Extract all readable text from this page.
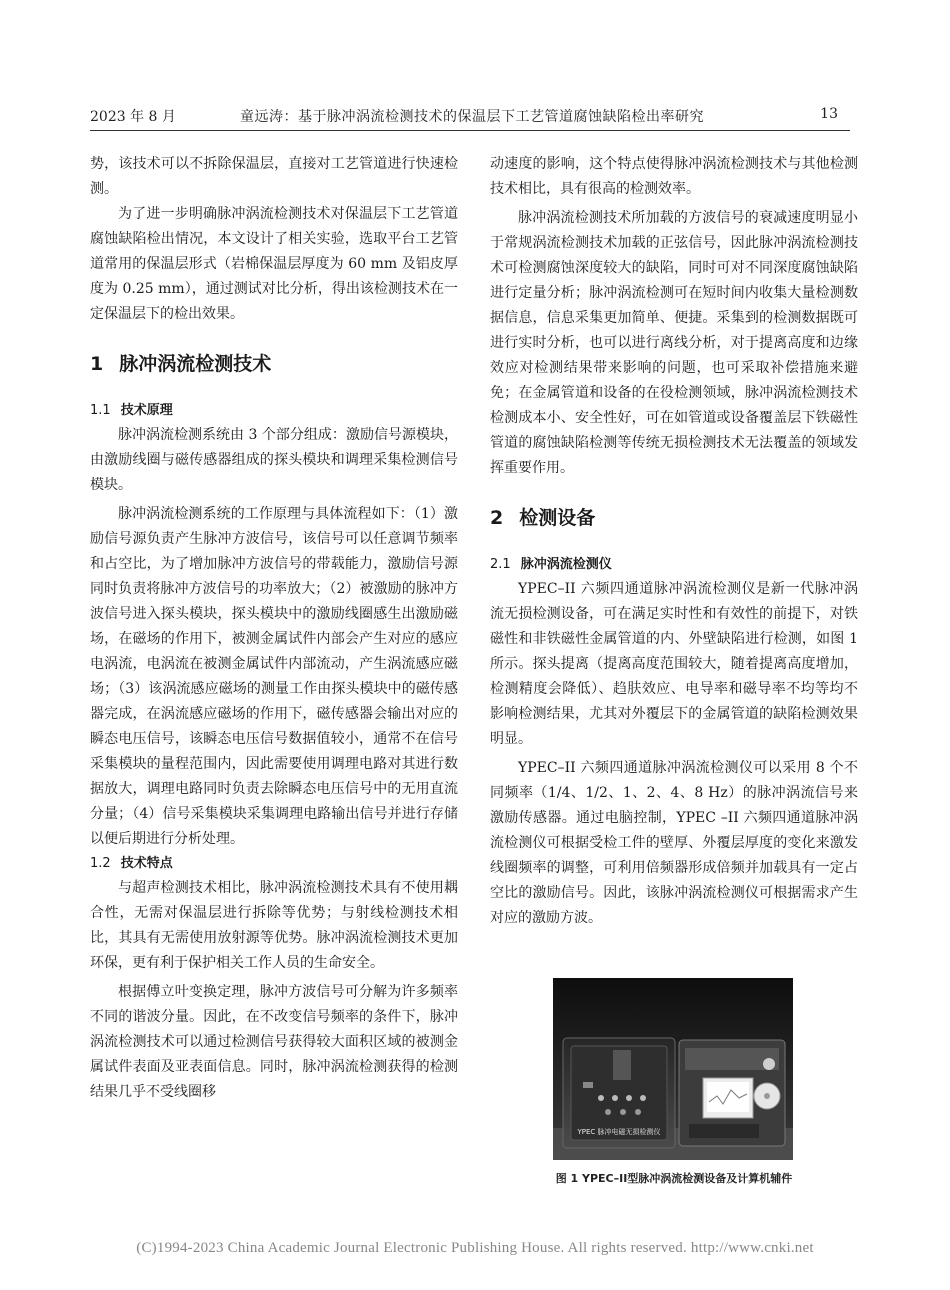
2023 年 8 月	童远涛：基于脉冲涡流检测技术的保温层下工艺管道腐蚀缺陷检出率研究	13

势，该技术可以不拆除保温层，直接对工艺管道进行快速检测。

为了进一步明确脉冲涡流检测技术对保温层下工艺管道腐蚀缺陷检出情况，本文设计了相关实验，选取平台工艺管道常用的保温层形式（岩棉保温层厚度为 60 mm 及铝皮厚度为 0.25 mm），通过测试对比分析，得出该检测技术在一定保温层下的检出效果。

1 脉冲涡流检测技术
1.1 技术原理

脉冲涡流检测系统由 3 个部分组成：激励信号源模块，由激励线圈与磁传感器组成的探头模块和调理采集检测信号模块。

脉冲涡流检测系统的工作原理与具体流程如下：（1）激励信号源负责产生脉冲方波信号，该信号可以任意调节频率和占空比，为了增加脉冲方波信号的带载能力，激励信号源同时负责将脉冲方波信号的功率放大；（2）被激励的脉冲方波信号进入探头模块，探头模块中的激励线圈感生出激励磁场，在磁场的作用下，被测金属试件内部会产生对应的感应电涡流，电涡流在被测金属试件内部流动，产生涡流感应磁场；（3）该涡流感应磁场的测量工作由探头模块中的磁传感器完成，在涡流感应磁场的作用下，磁传感器会输出对应的瞬态电压信号，该瞬态电压信号数据值较小，通常不在信号采集模块的量程范围内，因此需要使用调理电路对其进行数据放大，调理电路同时负责去除瞬态电压信号中的无用直流分量；（4）信号采集模块采集调理电路输出信号并进行存储以便后期进行分析处理。

1.2 技术特点

与超声检测技术相比，脉冲涡流检测技术具有不使用耦合性，无需对保温层进行拆除等优势；与射线检测技术相比，其具有无需使用放射源等优势。脉冲涡流检测技术更加环保，更有利于保护相关工作人员的生命安全。

根据傅立叶变换定理，脉冲方波信号可分解为许多频率不同的谐波分量。因此，在不改变信号频率的条件下，脉冲涡流检测技术可以通过检测信号获得较大面积区域的被测金属试件表面及亚表面信息。同时，脉冲涡流检测获得的检测结果几乎不受线圈移

动速度的影响，这个特点使得脉冲涡流检测技术与其他检测技术相比，具有很高的检测效率。

脉冲涡流检测技术所加载的方波信号的衰减速度明显小于常规涡流检测技术加载的正弦信号，因此脉冲涡流检测技术可检测腐蚀深度较大的缺陷，同时可对不同深度腐蚀缺陷进行定量分析；脉冲涡流检测可在短时间内收集大量检测数据信息，信息采集更加简单、便捷。采集到的检测数据既可进行实时分析，也可以进行离线分析，对于提离高度和边缘效应对检测结果带来影响的问题，也可采取补偿措施来避免；在金属管道和设备的在役检测领域，脉冲涡流检测技术检测成本小、安全性好，可在如管道或设备覆盖层下铁磁性管道的腐蚀缺陷检测等传统无损检测技术无法覆盖的领域发挥重要作用。

2 检测设备
2.1 脉冲涡流检测仪

YPEC–II 六频四通道脉冲涡流检测仪是新一代脉冲涡流无损检测设备，可在满足实时性和有效性的前提下，对铁磁性和非铁磁性金属管道的内、外壁缺陷进行检测，如图 1 所示。探头提离（提离高度范围较大，随着提离高度增加，检测精度会降低）、趋肤效应、电导率和磁导率不均等均不影响检测结果，尤其对外覆层下的金属管道的缺陷检测效果明显。

YPEC–II 六频四通道脉冲涡流检测仪可以采用 8 个不同频率（1/4、1/2、1、2、4、8 Hz）的脉冲涡流信号来激励传感器。通过电脑控制，YPEC –II 六频四通道脉冲涡流检测仪可根据受检工件的壁厚、外覆层厚度的变化来激发线圈频率的调整，可利用倍频器形成倍频并加载具有一定占空比的激励信号。因此，该脉冲涡流检测仪可根据需求产生对应的激励方波。

YPEC 脉冲电磁无损检测仪
图 1 YPEC–II型脉冲涡流检测设备及计算机辅件
(C)1994-2023 China Academic Journal Electronic Publishing House. All rights reserved. http://www.cnki.net
